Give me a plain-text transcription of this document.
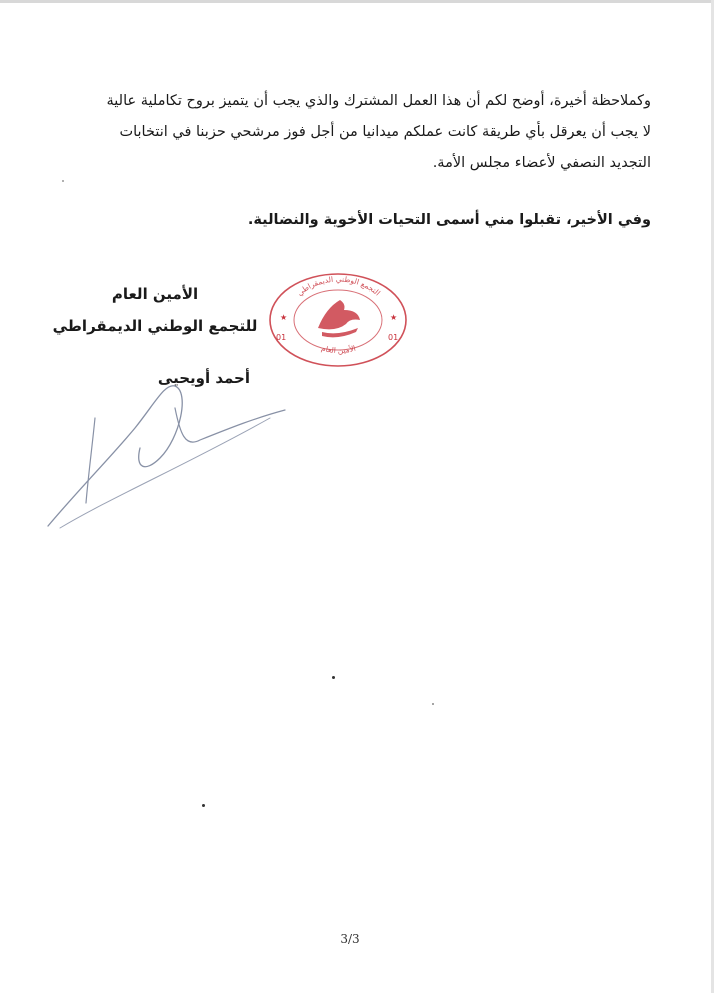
وكملاحظة أخيرة، أوضح لكم أن هذا العمل المشترك والذي يجب أن يتميز بروح تكاملية عالية
لا يجب أن يعرقل بأي طريقة كانت عملكم ميدانيا من أجل فوز مرشحي حزبنا في انتخابات
التجديد النصفي لأعضاء مجلس الأمة.
وفي الأخير، تقبلوا مني أسمى التحيات الأخوية والنضالية.
الأمين العام
للتجمع الوطني الديمقراطي
أحمد أويحيى
التجمع الوطني الديمقراطي
الأمين العام
★	★
01	01
3/3
